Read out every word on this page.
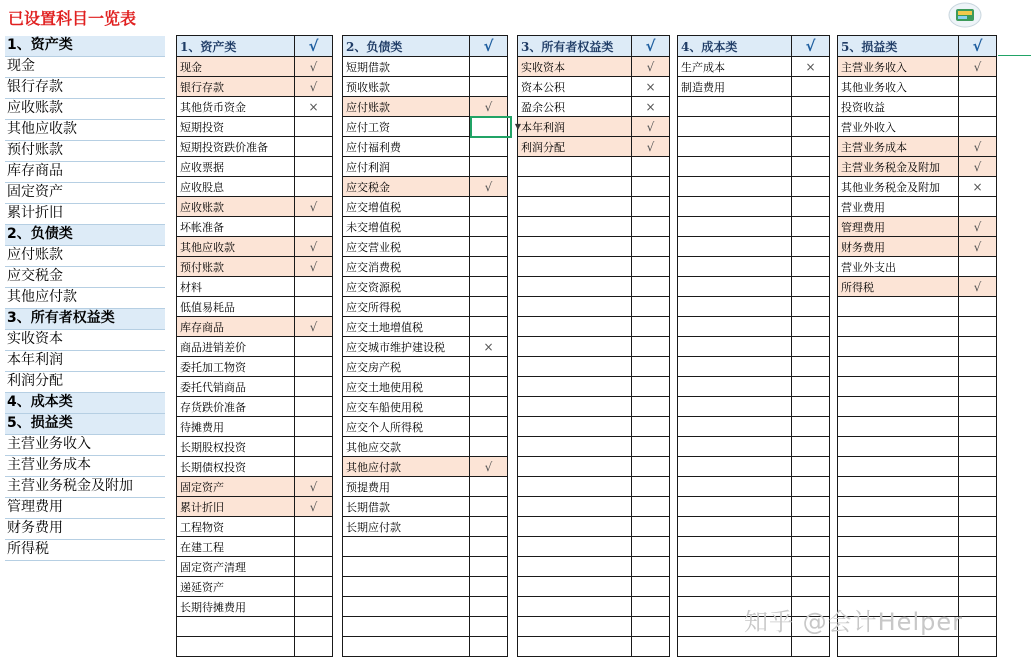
已设置科目一览表
1、资产类
现金
银行存款
应收账款
其他应收款
预付账款
库存商品
固定资产
累计折旧
2、负债类
应付账款
应交税金
其他应付款
3、所有者权益类
实收资本
本年利润
利润分配
4、成本类
5、损益类
主营业务收入
主营业务成本
主营业务税金及附加
管理费用
财务费用
所得税
1、资产类	√
现金	√
银行存款	√
其他货币资金	×
短期投资	
短期投资跌价准备	
应收票据	
应收股息	
应收账款	√
坏帐准备	
其他应收款	√
预付账款	√
材料	
低值易耗品	
库存商品	√
商品进销差价	
委托加工物资	
委托代销商品	
存货跌价准备	
待摊费用	
长期股权投资	
长期债权投资	
固定资产	√
累计折旧	√
工程物资	
在建工程	
固定资产清理	
递延资产	
长期待摊费用	

2、负债类	√
短期借款	
预收账款	
应付账款	√
应付工资	
应付福利费	
应付利润	
应交税金	√
应交增值税	
未交增值税	
应交营业税	
应交消费税	
应交资源税	
应交所得税	
应交土地增值税	
应交城市维护建设税	×
应交房产税	
应交土地使用税	
应交车船使用税	
应交个人所得税	
其他应交款	
其他应付款	√
预提费用	
长期借款	
长期应付款	

3、所有者权益类	√
实收资本	√
资本公积	×
盈余公积	×
本年利润	√
利润分配	√

4、成本类	√
生产成本	×
制造费用	

5、损益类	√
主营业务收入	√
其他业务收入	
投资收益	
营业外收入	
主营业务成本	√
主营业务税金及附加	√
其他业务税金及附加	×
营业费用	
管理费用	√
财务费用	√
营业外支出	
所得税	√

▼
知乎 @会计Helper
